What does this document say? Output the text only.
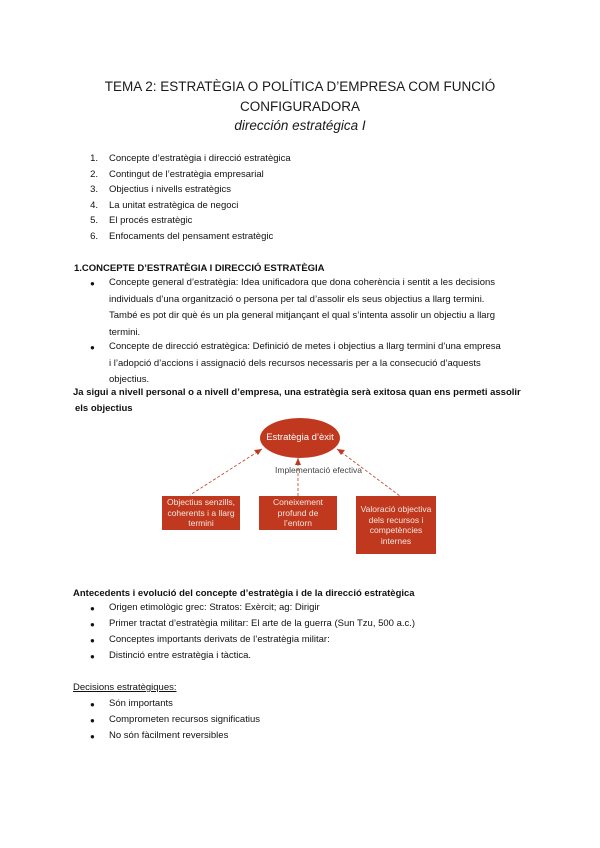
TEMA 2: ESTRATÈGIA O POLÍTICA D’EMPRESA COM FUNCIÓ
CONFIGURADORA
dirección estratégica I
1. Concepte d’estratègia i direcció estratègica
2. Contingut de l’estratègia empresarial
3. Objectius i nivells estratègics
4. La unitat estratègica de negoci
5. El procés estratègic
6. Enfocaments del pensament estratègic
1.CONCEPTE D’ESTRATÈGIA I DIRECCIÓ ESTRATÈGIA
● Concepte general d’estratègia: Idea unificadora que dona coherència i sentit a les decisions
individuals d’una organització o persona per tal d’assolir els seus objectius a llarg termini.
També es pot dir què és un pla general mitjançant el qual s’intenta assolir un objectiu a llarg
termini.
● Concepte de direcció estratègica: Definició de metes i objectius a llarg termini d’una empresa
i l’adopció d’accions i assignació dels recursos necessaris per a la consecució d’aquests
objectius.
Ja sigui a nivell personal o a nivell d’empresa, una estratègia serà exitosa quan ens permeti assolir
els objectius
Estratègia d’èxit
Implementació efectiva
Objectius senzills, coherents i a llarg termini
Coneixement profund de l’entorn
Valoració objectiva dels recursos i competències internes
Antecedents i evolució del concepte d’estratègia i de la direcció estratègica
● Origen etimològic grec: Stratos: Exèrcit; ag: Dirigir
● Primer tractat d’estratègia militar: El arte de la guerra (Sun Tzu, 500 a.c.)
● Conceptes importants derivats de l’estratègia militar:
● Distinció entre estratègia i tàctica.
Decisions estratègiques:
● Són importants
● Comprometen recursos significatius
● No són fàcilment reversibles
